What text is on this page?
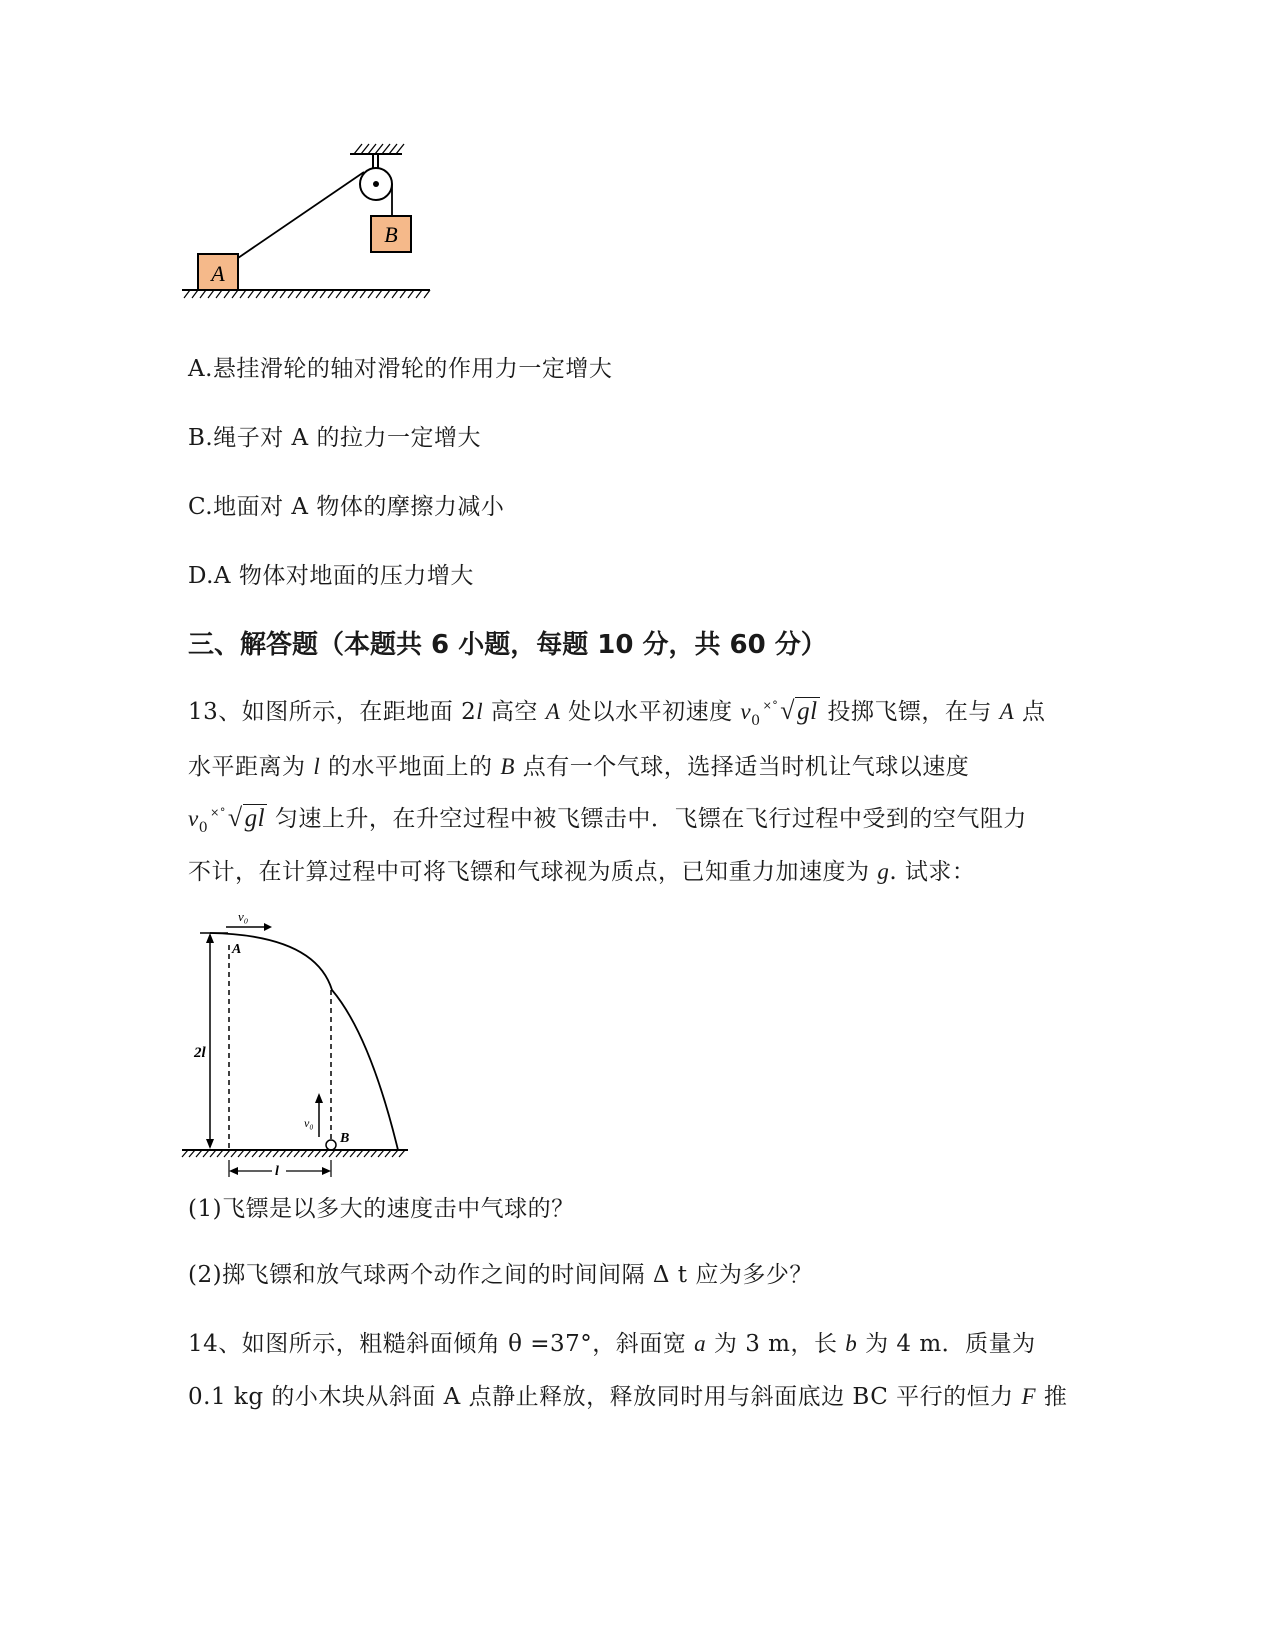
B
A
A.悬挂滑轮的轴对滑轮的作用力一定增大
B.绳子对 A 的拉力一定增大
C.地面对 A 物体的摩擦力减小
D.A 物体对地面的压力增大
三、解答题（本题共 6 小题，每题 10 分，共 60 分）
13、如图所示，在距地面 2l 高空 A 处以水平初速度 $v_0^{\times^\circ}√gl$ 投掷飞镖，在与 A 点
水平距离为 l 的水平地面上的 B 点有一个气球，选择适当时机让气球以速度
$v_0^{\times^\circ}√gl$ 匀速上升，在升空过程中被飞镖击中．飞镖在飞行过程中受到的空气阻力
不计，在计算过程中可将飞镖和气球视为质点，已知重力加速度为 g. 试求：
v₀
2l
A
B
v₀
l
(1)飞镖是以多大的速度击中气球的？
(2)掷飞镖和放气球两个动作之间的时间间隔 Δ t 应为多少？
14、如图所示，粗糙斜面倾角 θ =37°，斜面宽 a 为 3 m，长 b 为 4 m．质量为
0.1 kg 的小木块从斜面 A 点静止释放，释放同时用与斜面底边 BC 平行的恒力 F 推
